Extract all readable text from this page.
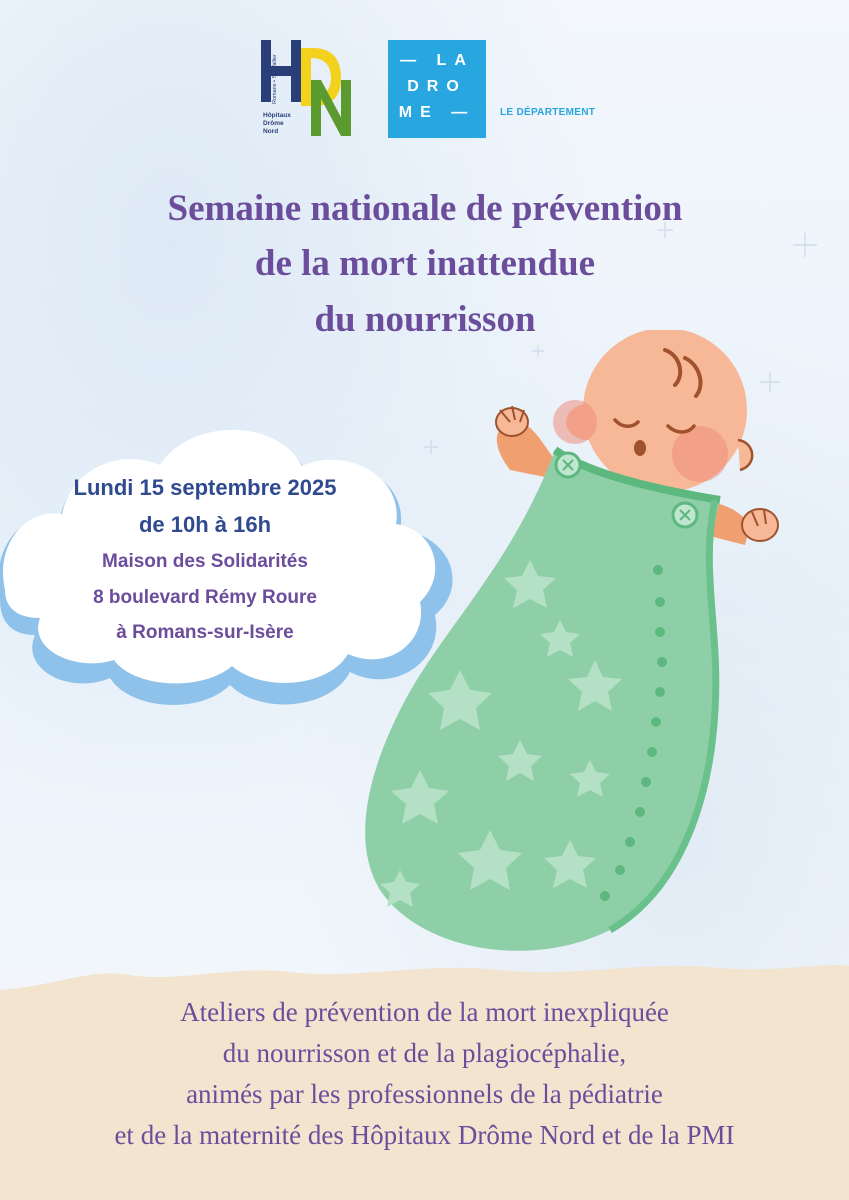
Romans • S^t-Vallier
Hôpitaux
Drôme
Nord
— LA
DRO
ME —	LE DÉPARTEMENT
Semaine nationale de prévention
de la mort inattendue
du nourrisson
Lundi 15 septembre 2025
de 10h à 16h
Maison des Solidarités
8 boulevard Rémy Roure
à Romans-sur-Isère
Ateliers de prévention de la mort inexpliquée
du nourrisson et de la plagiocéphalie,
animés par les professionnels de la pédiatrie
et de la maternité des Hôpitaux Drôme Nord et de la PMI
